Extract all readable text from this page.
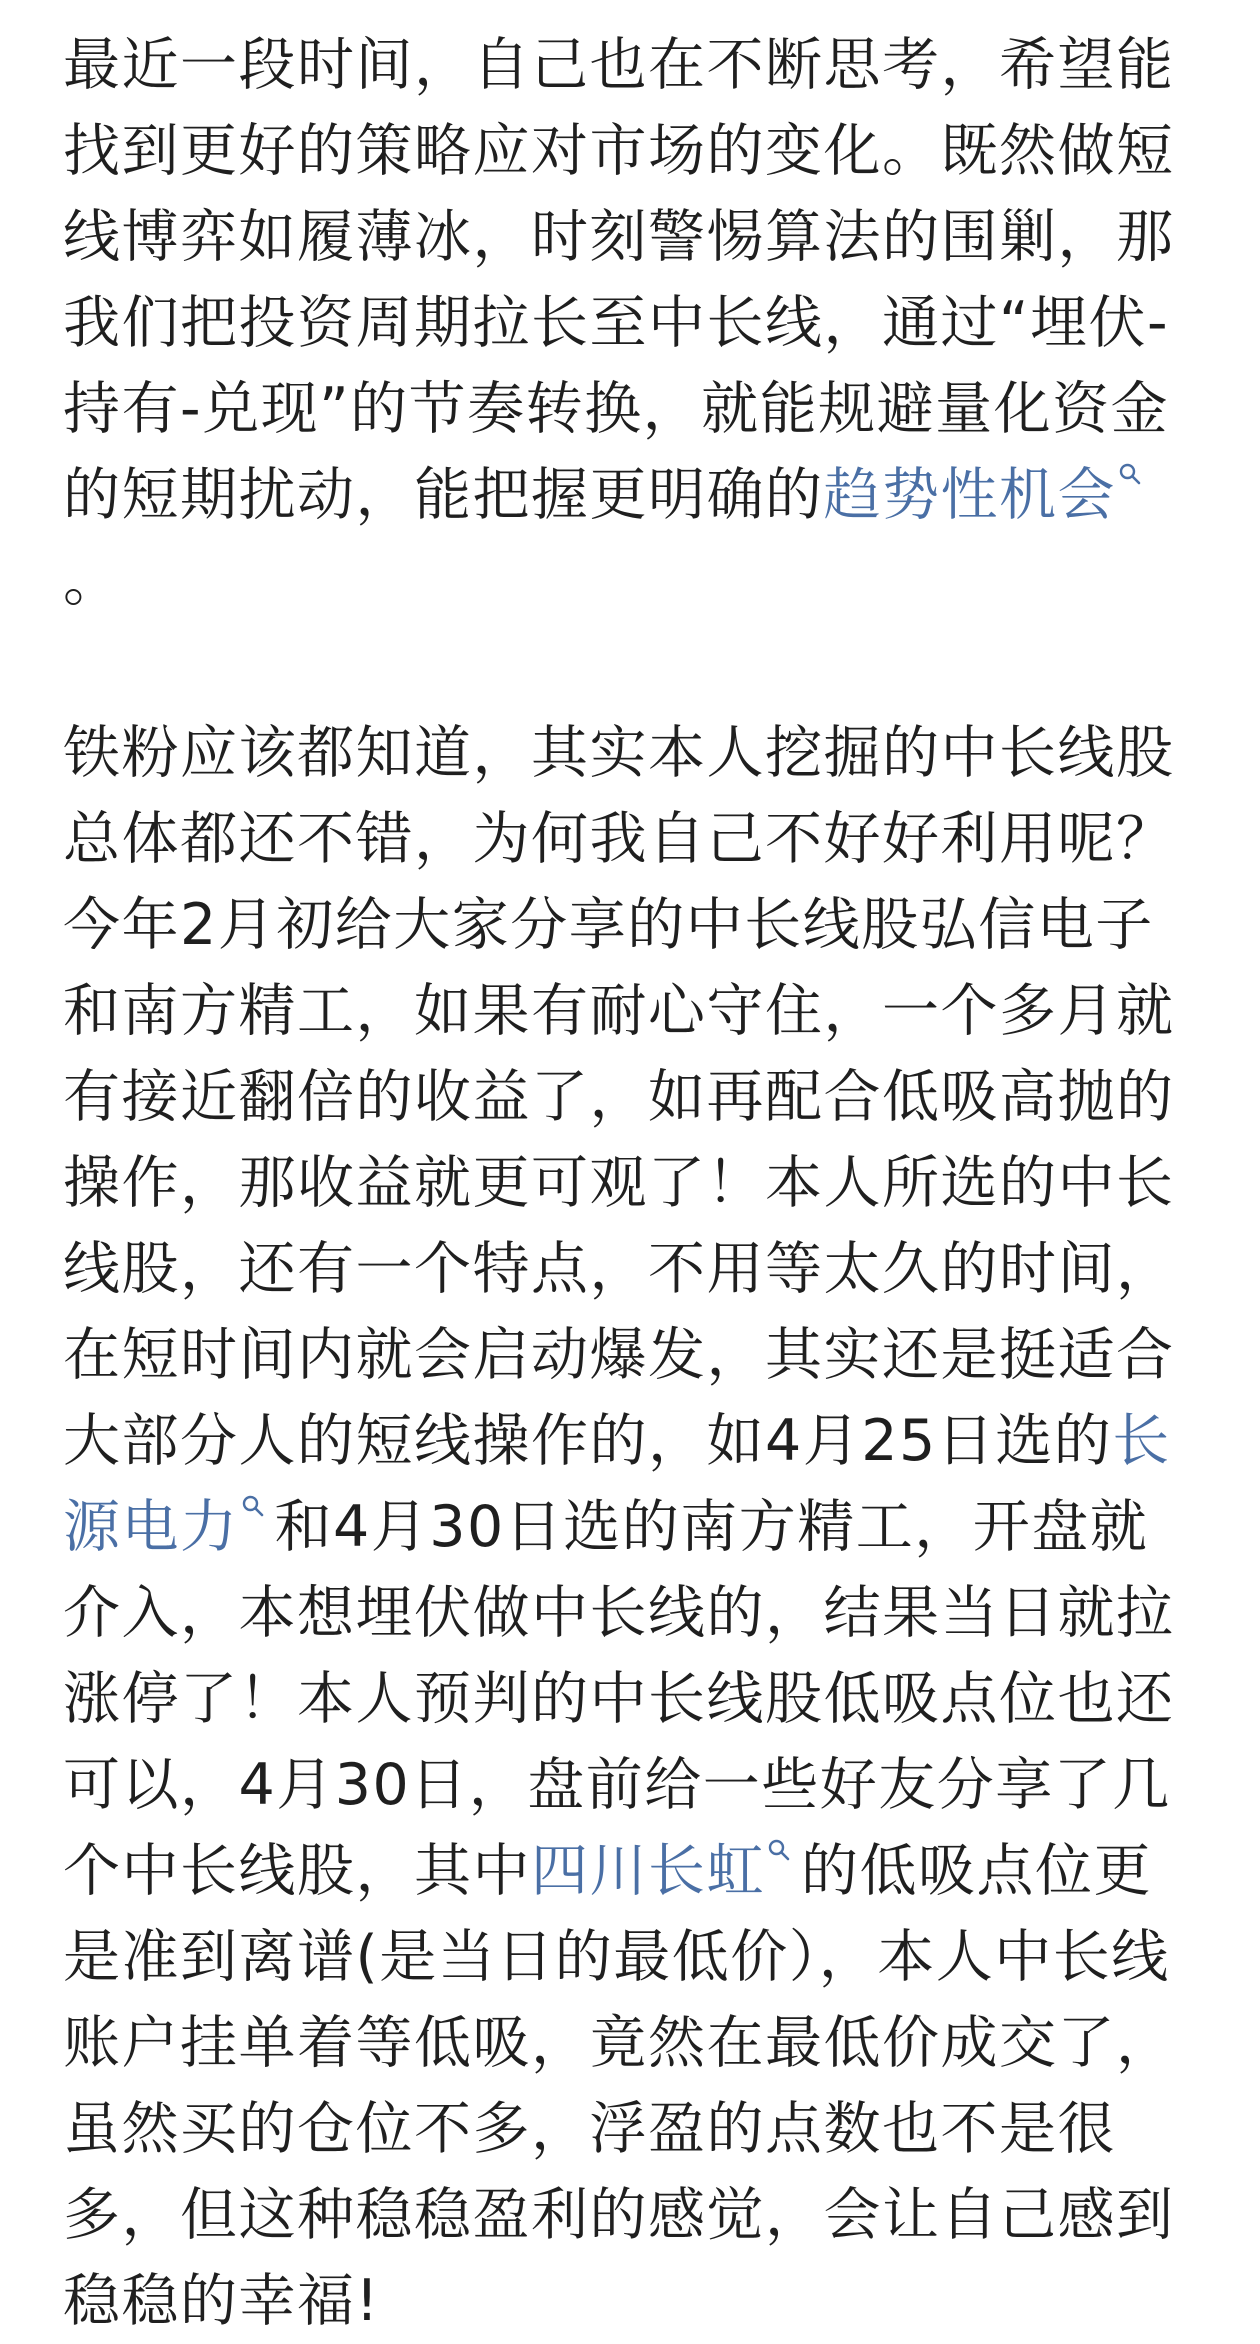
最近一段时间，自己也在不断思考，希望能找到更好的策略应对市场的变化。既然做短线博弈如履薄冰，时刻警惕算法的围剿，那我们把投资周期拉长至中长线，通过“埋伏-持有-兑现”的节奏转换，就能规避量化资金的短期扰动，能把握更明确的趋势性机会
。

铁粉应该都知道，其实本人挖掘的中长线股总体都还不错，为何我自己不好好利用呢？今年2月初给大家分享的中长线股弘信电子和南方精工，如果有耐心守住，一个多月就有接近翻倍的收益了，如再配合低吸高抛的操作，那收益就更可观了！本人所选的中长线股，还有一个特点，不用等太久的时间，在短时间内就会启动爆发，其实还是挺适合大部分人的短线操作的，如4月25日选的长源电力 和4月30日选的南方精工，开盘就介入，本想埋伏做中长线的，结果当日就拉涨停了！本人预判的中长线股低吸点位也还可以，4月30日，盘前给一些好友分享了几个中长线股，其中四川长虹 的低吸点位更是准到离谱(是当日的最低价），本人中长线账户挂单着等低吸，竟然在最低价成交了，虽然买的仓位不多，浮盈的点数也不是很多，但这种稳稳盈利的感觉，会让自己感到稳稳的幸福!
